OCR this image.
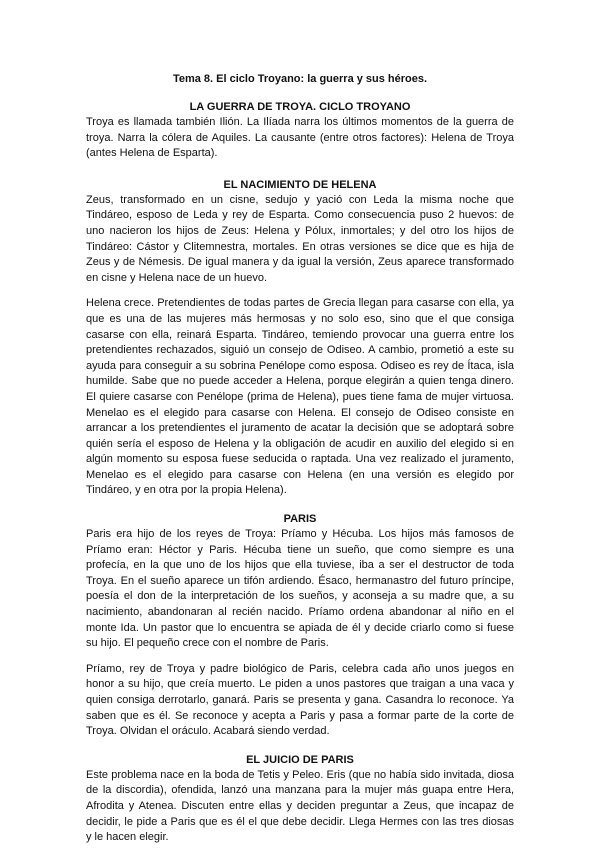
Tema 8. El ciclo Troyano: la guerra y sus héroes.
LA GUERRA DE TROYA. CICLO TROYANO

Troya es llamada también Ilión. La Ilíada narra los últimos momentos de la guerra de troya. Narra la cólera de Aquiles. La causante (entre otros factores): Helena de Troya (antes Helena de Esparta).

EL NACIMIENTO DE HELENA

Zeus, transformado en un cisne, sedujo y yació con Leda la misma noche que Tindáreo, esposo de Leda y rey de Esparta. Como consecuencia puso 2 huevos: de uno nacieron los hijos de Zeus: Helena y Pólux, inmortales; y del otro los hijos de Tindáreo: Cástor y Clitemnestra, mortales. En otras versiones se dice que es hija de Zeus y de Némesis. De igual manera y da igual la versión, Zeus aparece transformado en cisne y Helena nace de un huevo.

Helena crece. Pretendientes de todas partes de Grecia llegan para casarse con ella, ya que es una de las mujeres más hermosas y no solo eso, sino que el que consiga casarse con ella, reinará Esparta. Tindáreo, temiendo provocar una guerra entre los pretendientes rechazados, siguió un consejo de Odiseo. A cambio, prometió a este su ayuda para conseguir a su sobrina Penélope como esposa. Odiseo es rey de Ítaca, isla humilde. Sabe que no puede acceder a Helena, porque elegirán a quien tenga dinero. El quiere casarse con Penélope (prima de Helena), pues tiene fama de mujer virtuosa. Menelao es el elegido para casarse con Helena. El consejo de Odiseo consiste en arrancar a los pretendientes el juramento de acatar la decisión que se adoptará sobre quién sería el esposo de Helena y la obligación de acudir en auxilio del elegido si en algún momento su esposa fuese seducida o raptada. Una vez realizado el juramento, Menelao es el elegido para casarse con Helena (en una versión es elegido por Tindáreo, y en otra por la propia Helena).

PARIS

Paris era hijo de los reyes de Troya: Príamo y Hécuba. Los hijos más famosos de Príamo eran: Héctor y Paris. Hécuba tiene un sueño, que como siempre es una profecía, en la que uno de los hijos que ella tuviese, iba a ser el destructor de toda Troya. En el sueño aparece un tifón ardiendo. Ésaco, hermanastro del futuro príncipe, poesía el don de la interpretación de los sueños, y aconseja a su madre que, a su nacimiento, abandonaran al recién nacido. Príamo ordena abandonar al niño en el monte Ida. Un pastor que lo encuentra se apiada de él y decide criarlo como si fuese su hijo. El pequeño crece con el nombre de Paris.

Príamo, rey de Troya y padre biológico de Paris, celebra cada año unos juegos en honor a su hijo, que creía muerto. Le piden a unos pastores que traigan a una vaca y quien consiga derrotarlo, ganará. Paris se presenta y gana. Casandra lo reconoce. Ya saben que es él. Se reconoce y acepta a Paris y pasa a formar parte de la corte de Troya. Olvidan el oráculo. Acabará siendo verdad.

EL JUICIO DE PARIS

Este problema nace en la boda de Tetis y Peleo. Eris (que no había sido invitada, diosa de la discordia), ofendida, lanzó una manzana para la mujer más guapa entre Hera, Afrodita y Atenea. Discuten entre ellas y deciden preguntar a Zeus, que incapaz de decidir, le pide a Paris que es él el que debe decidir. Llega Hermes con las tres diosas y le hacen elegir.
